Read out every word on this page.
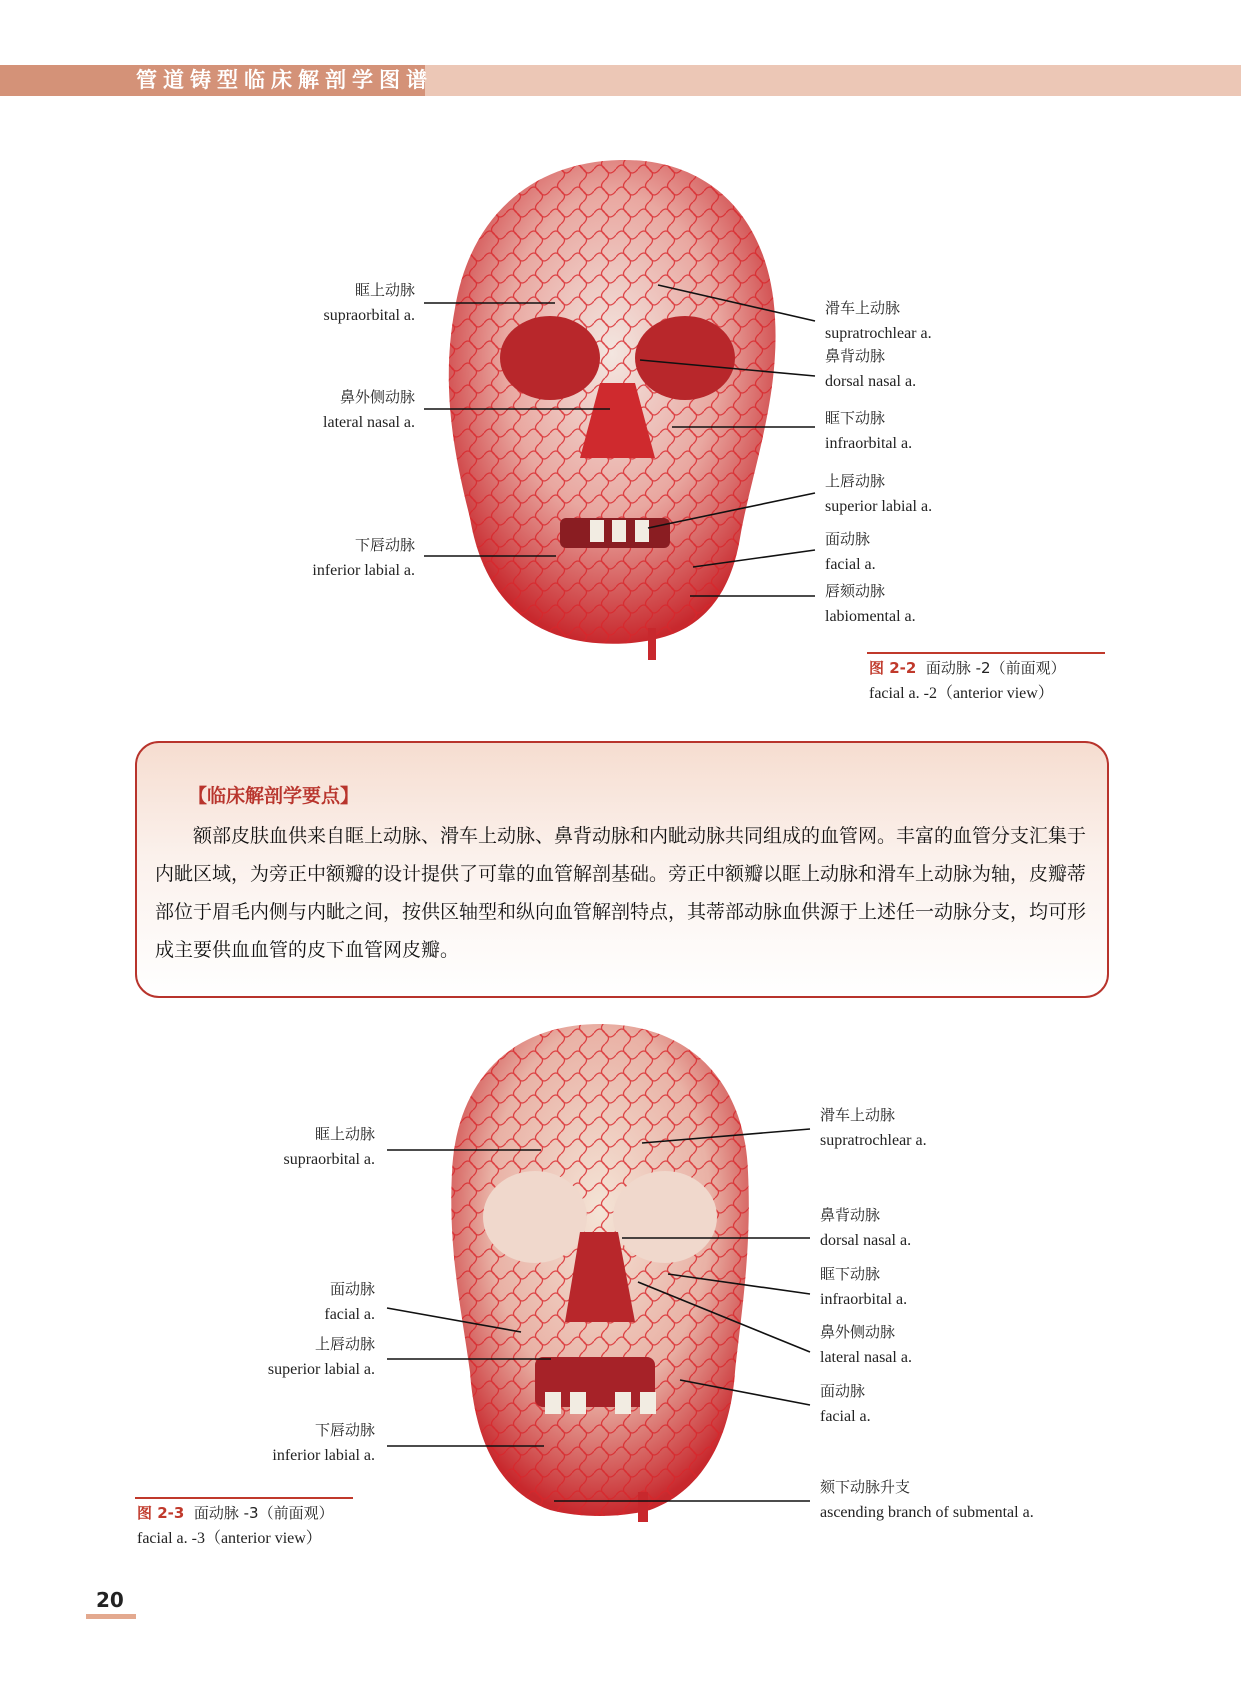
管道铸型临床解剖学图谱
眶上动脉
supraorbital a.
鼻外侧动脉
lateral nasal a.
下唇动脉
inferior labial a.
滑车上动脉
supratrochlear a.
鼻背动脉
dorsal nasal a.
眶下动脉
infraorbital a.
上唇动脉
superior labial a.
面动脉
facial a.
唇颏动脉
labiomental a.
图 2-2 面动脉 -2（前面观）
facial a. -2（anterior view）
【临床解剖学要点】
额部皮肤血供来自眶上动脉、滑车上动脉、鼻背动脉和内眦动脉共同组成的血管网。丰富的血管分支汇集于内眦区域，为旁正中额瓣的设计提供了可靠的血管解剖基础。旁正中额瓣以眶上动脉和滑车上动脉为轴，皮瓣蒂部位于眉毛内侧与内眦之间，按供区轴型和纵向血管解剖特点，其蒂部动脉血供源于上述任一动脉分支，均可形成主要供血血管的皮下血管网皮瓣。
眶上动脉
supraorbital a.
面动脉
facial a.
上唇动脉
superior labial a.
下唇动脉
inferior labial a.
滑车上动脉
supratrochlear a.
鼻背动脉
dorsal nasal a.
眶下动脉
infraorbital a.
鼻外侧动脉
lateral nasal a.
面动脉
facial a.
颏下动脉升支
ascending branch of submental a.
图 2-3 面动脉 -3（前面观）
facial a. -3（anterior view）
20
